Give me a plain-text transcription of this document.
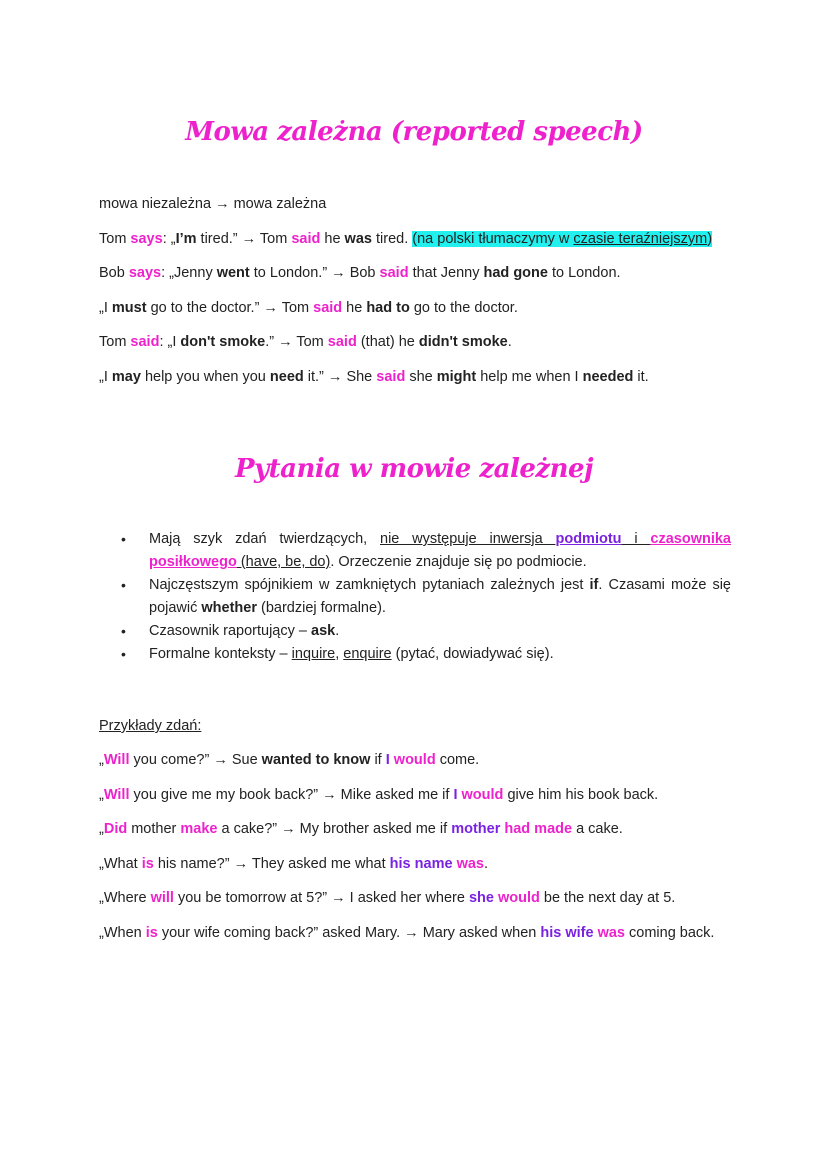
Mowa zależna (reported speech)

mowa niezależna → mowa zależna

Tom says: „I’m tired.” → Tom said he was tired. (na polski tłumaczymy w czasie teraźniejszym)

Bob says: „Jenny went to London.” → Bob said that Jenny had gone to London.

„I must go to the doctor.” → Tom said he had to go to the doctor.

Tom said: „I don't smoke.” → Tom said (that) he didn't smoke.

„I may help you when you need it.” → She said she might help me when I needed it.

Pytania w mowie zależnej
• Mają szyk zdań twierdzących, nie występuje inwersja podmiotu i czasownika posiłkowego (have, be, do). Orzeczenie znajduje się po podmiocie.
• Najczęstszym spójnikiem w zamkniętych pytaniach zależnych jest if. Czasami może się pojawić whether (bardziej formalne).
• Czasownik raportujący – ask.
• Formalne konteksty – inquire, enquire (pytać, dowiadywać się).

Przykłady zdań:

„Will you come?” → Sue wanted to know if I would come.

„Will you give me my book back?” → Mike asked me if I would give him his book back.

„Did mother make a cake?” → My brother asked me if mother had made a cake.

„What is his name?” → They asked me what his name was.

„Where will you be tomorrow at 5?” → I asked her where she would be the next day at 5.

„When is your wife coming back?” asked Mary. → Mary asked when his wife was coming back.
